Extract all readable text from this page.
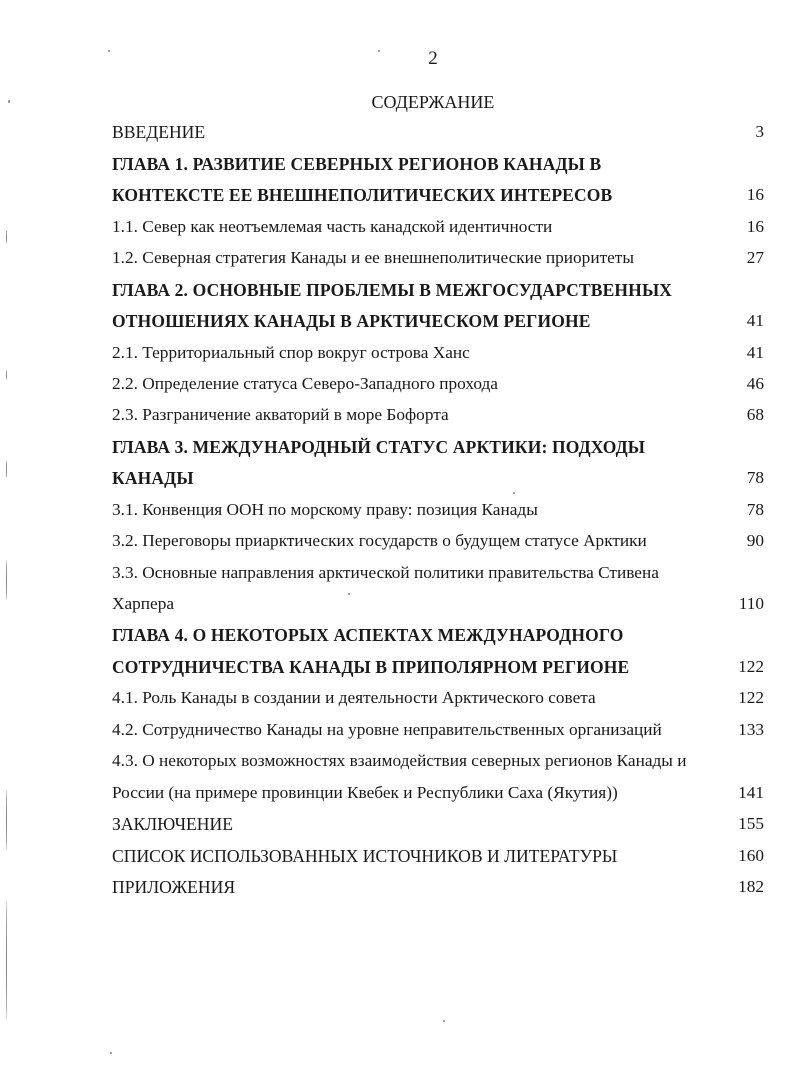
2
СОДЕРЖАНИЕ
ВВЕДЕНИЕ	3
ГЛАВА 1. РАЗВИТИЕ СЕВЕРНЫХ РЕГИОНОВ КАНАДЫ В
КОНТЕКСТЕ ЕЕ ВНЕШНЕПОЛИТИЧЕСКИХ ИНТЕРЕСОВ	16
1.1. Север как неотъемлемая часть канадской идентичности	16
1.2. Северная стратегия Канады и ее внешнеполитические приоритеты	27
ГЛАВА 2. ОСНОВНЫЕ ПРОБЛЕМЫ В МЕЖГОСУДАРСТВЕННЫХ
ОТНОШЕНИЯХ КАНАДЫ В АРКТИЧЕСКОМ РЕГИОНЕ	41
2.1. Территориальный спор вокруг острова Ханс	41
2.2. Определение статуса Северо-Западного прохода	46
2.3. Разграничение акваторий в море Бофорта	68
ГЛАВА 3. МЕЖДУНАРОДНЫЙ СТАТУС АРКТИКИ: ПОДХОДЫ
КАНАДЫ	78
3.1. Конвенция ООН по морскому праву: позиция Канады	78
3.2. Переговоры приарктических государств о будущем статусе Арктики	90
3.3. Основные направления арктической политики правительства Стивена
Харпера	110
ГЛАВА 4. О НЕКОТОРЫХ АСПЕКТАХ МЕЖДУНАРОДНОГО
СОТРУДНИЧЕСТВА КАНАДЫ В ПРИПОЛЯРНОМ РЕГИОНЕ	122
4.1. Роль Канады в создании и деятельности Арктического совета	122
4.2. Сотрудничество Канады на уровне неправительственных организаций	133
4.3. О некоторых возможностях взаимодействия северных регионов Канады и
России (на примере провинции Квебек и Республики Саха (Якутия))	141
ЗАКЛЮЧЕНИЕ	155
СПИСОК ИСПОЛЬЗОВАННЫХ ИСТОЧНИКОВ И ЛИТЕРАТУРЫ	160
ПРИЛОЖЕНИЯ	182
